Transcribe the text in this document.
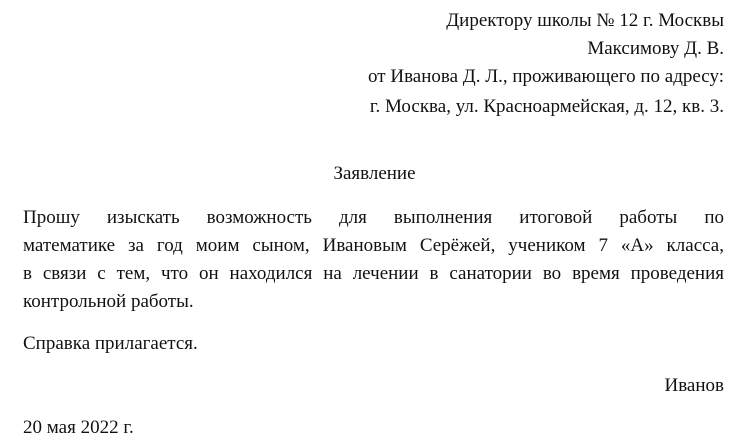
Директору школы № 12 г. Москвы
Максимову Д. В.
от Иванова Д. Л., проживающего по адресу:
г. Москва, ул. Красноармейская, д. 12, кв. 3.
Заявление
Прошу изыскать возможность для выполнения итоговой работы по
математике за год моим сыном, Ивановым Серёжей, учеником 7 «А» класса,
в связи с тем, что он находился на лечении в санатории во время проведения
контрольной работы.
Справка прилагается.
Иванов
20 мая 2022 г.
